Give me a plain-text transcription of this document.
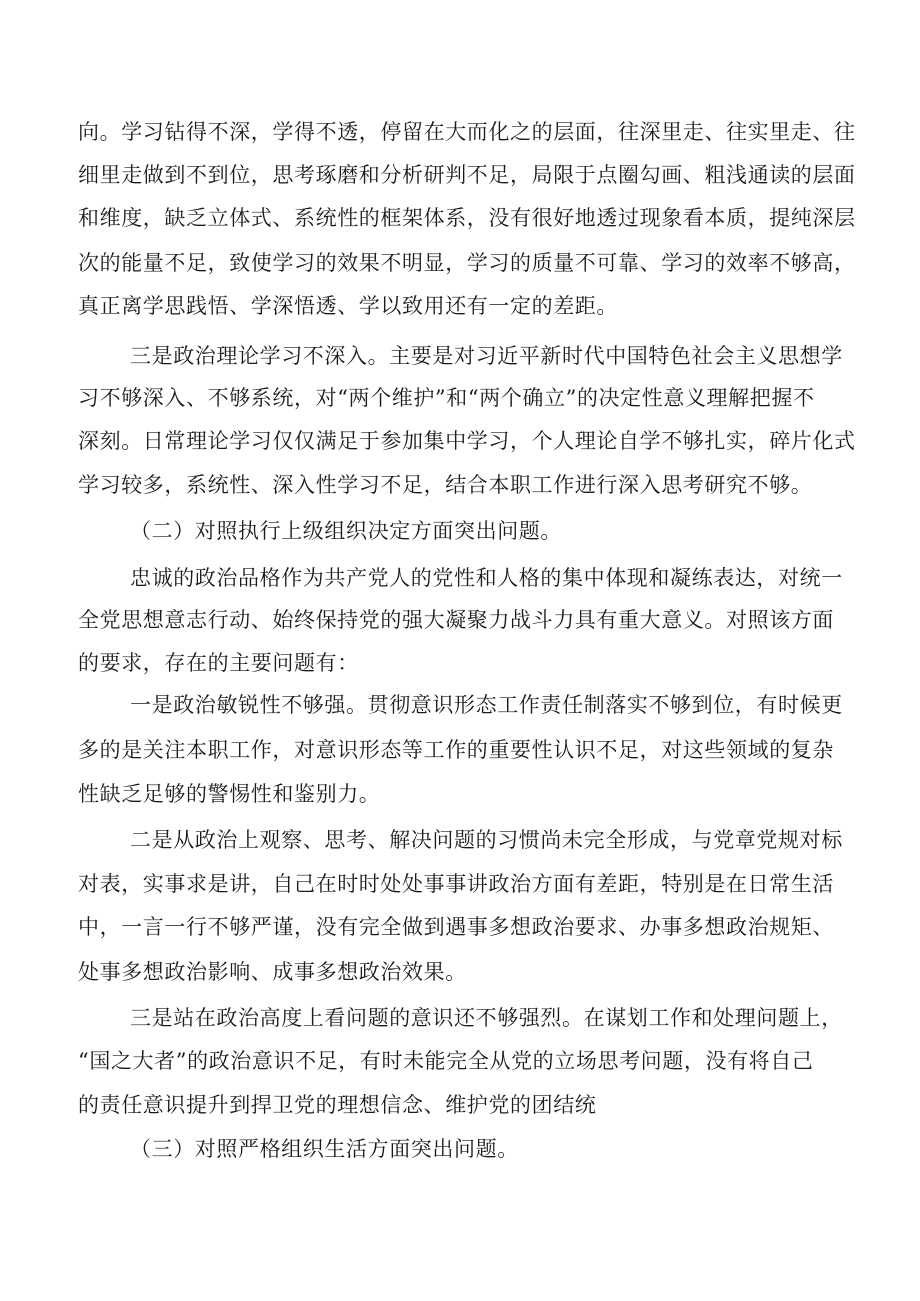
向。学习钻得不深，学得不透，停留在大而化之的层面，往深里走、往实里走、往
细里走做到不到位，思考琢磨和分析研判不足，局限于点圈勾画、粗浅通读的层面
和维度，缺乏立体式、系统性的框架体系，没有很好地透过现象看本质，提纯深层
次的能量不足，致使学习的效果不明显，学习的质量不可靠、学习的效率不够高，
真正离学思践悟、学深悟透、学以致用还有一定的差距。
三是政治理论学习不深入。主要是对习近平新时代中国特色社会主义思想学
习不够深入、不够系统，对“两个维护”和“两个确立”的决定性意义理解把握不
深刻。日常理论学习仅仅满足于参加集中学习，个人理论自学不够扎实，碎片化式
学习较多，系统性、深入性学习不足，结合本职工作进行深入思考研究不够。
（二）对照执行上级组织决定方面突出问题。
忠诚的政治品格作为共产党人的党性和人格的集中体现和凝练表达，对统一
全党思想意志行动、始终保持党的强大凝聚力战斗力具有重大意义。对照该方面
的要求，存在的主要问题有：
一是政治敏锐性不够强。贯彻意识形态工作责任制落实不够到位，有时候更
多的是关注本职工作，对意识形态等工作的重要性认识不足，对这些领域的复杂
性缺乏足够的警惕性和鉴别力。
二是从政治上观察、思考、解决问题的习惯尚未完全形成，与党章党规对标
对表，实事求是讲，自己在时时处处事事讲政治方面有差距，特别是在日常生活
中，一言一行不够严谨，没有完全做到遇事多想政治要求、办事多想政治规矩、
处事多想政治影响、成事多想政治效果。
三是站在政治高度上看问题的意识还不够强烈。在谋划工作和处理问题上，
“国之大者”的政治意识不足，有时未能完全从党的立场思考问题，没有将自己
的责任意识提升到捍卫党的理想信念、维护党的团结统
（三）对照严格组织生活方面突出问题。
